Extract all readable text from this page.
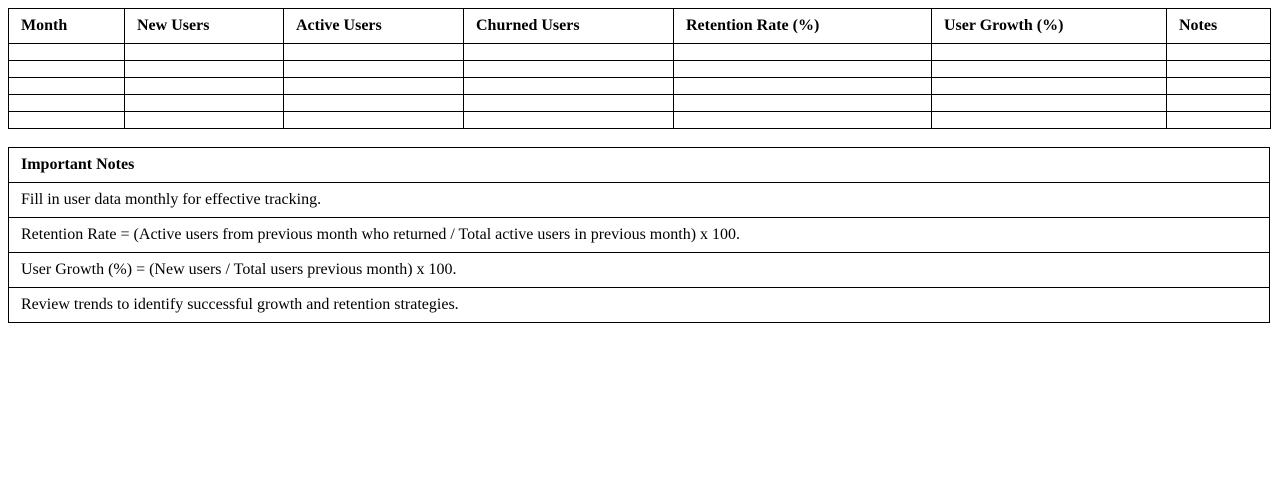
Month	New Users	Active Users	Churned Users	Retention Rate (%)	User Growth (%)	Notes

Important Notes
Fill in user data monthly for effective tracking.
Retention Rate = (Active users from previous month who returned / Total active users in previous month) x 100.
User Growth (%) = (New users / Total users previous month) x 100.
Review trends to identify successful growth and retention strategies.
